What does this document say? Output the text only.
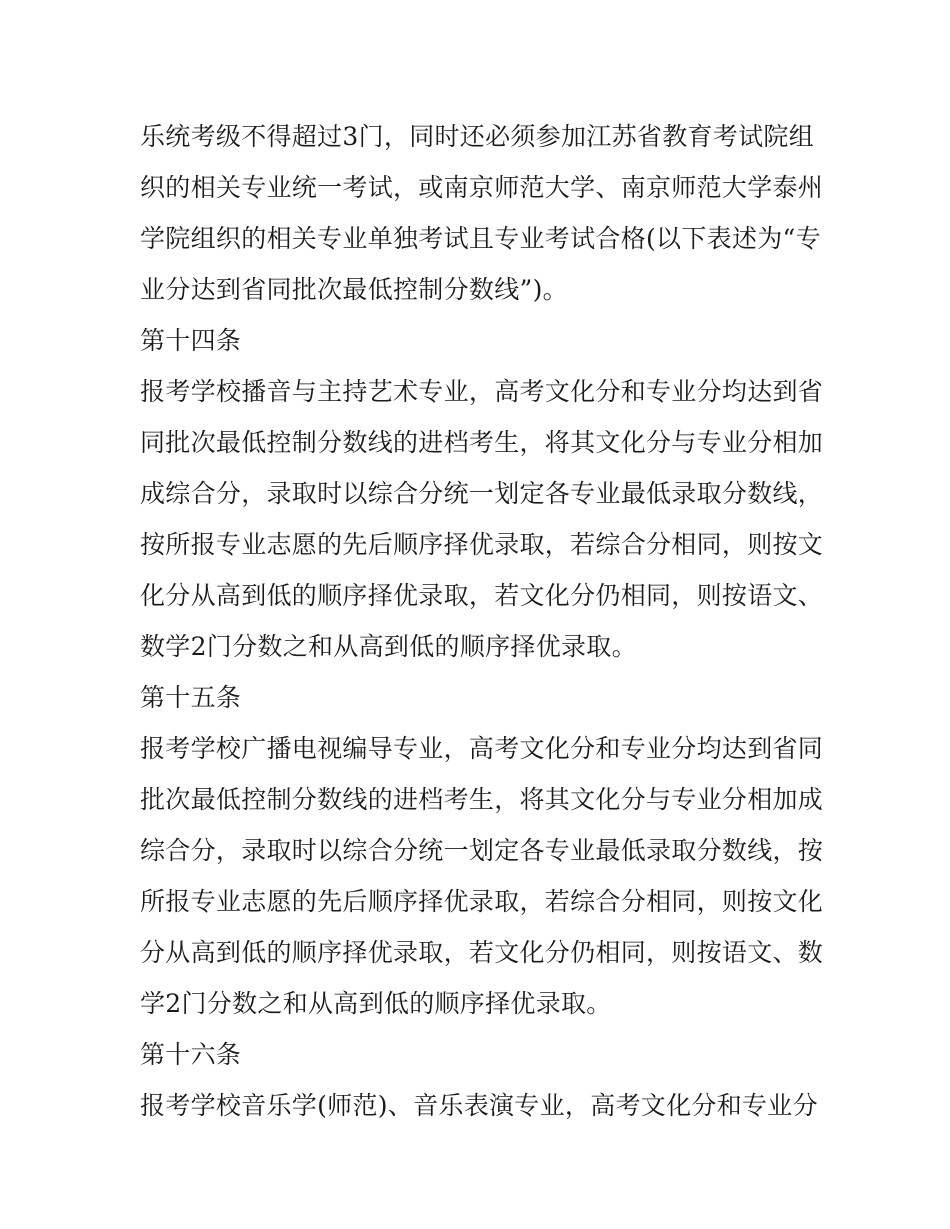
乐统考级不得超过3门，同时还必须参加江苏省教育考试院组
织的相关专业统一考试，或南京师范大学、南京师范大学泰州
学院组织的相关专业单独考试且专业考试合格(以下表述为“专
业分达到省同批次最低控制分数线”)。
第十四条
报考学校播音与主持艺术专业，高考文化分和专业分均达到省
同批次最低控制分数线的进档考生，将其文化分与专业分相加
成综合分，录取时以综合分统一划定各专业最低录取分数线，
按所报专业志愿的先后顺序择优录取，若综合分相同，则按文
化分从高到低的顺序择优录取，若文化分仍相同，则按语文、
数学2门分数之和从高到低的顺序择优录取。
第十五条
报考学校广播电视编导专业，高考文化分和专业分均达到省同
批次最低控制分数线的进档考生，将其文化分与专业分相加成
综合分，录取时以综合分统一划定各专业最低录取分数线，按
所报专业志愿的先后顺序择优录取，若综合分相同，则按文化
分从高到低的顺序择优录取，若文化分仍相同，则按语文、数
学2门分数之和从高到低的顺序择优录取。
第十六条
报考学校音乐学(师范)、音乐表演专业，高考文化分和专业分
